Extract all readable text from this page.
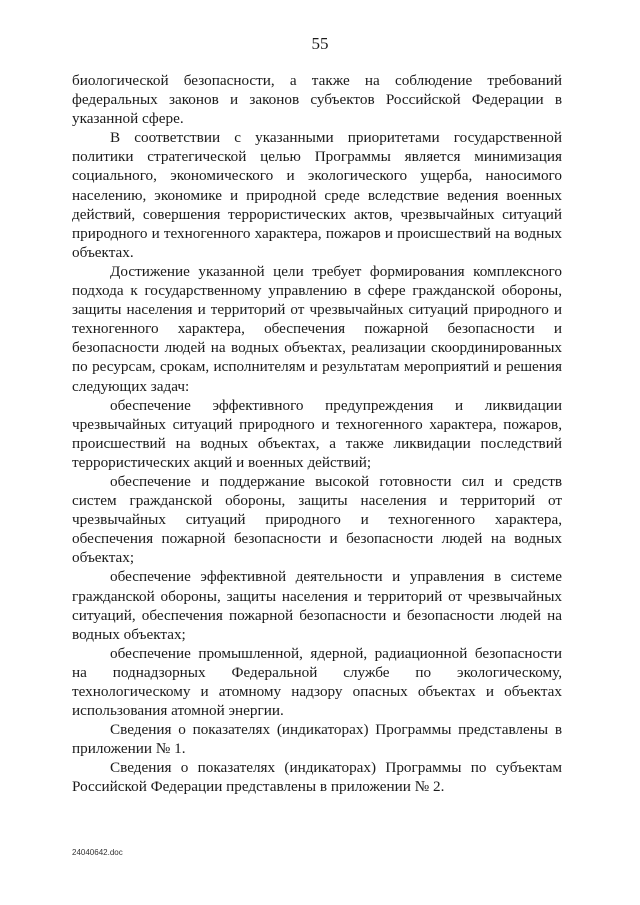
55

биологической безопасности, а также на соблюдение требований федеральных законов и законов субъектов Российской Федерации в указанной сфере.

В соответствии с указанными приоритетами государственной политики стратегической целью Программы является минимизация социального, экономического и экологического ущерба, наносимого населению, экономике и природной среде вследствие ведения военных действий, совершения террористических актов, чрезвычайных ситуаций природного и техногенного характера, пожаров и происшествий на водных объектах.

Достижение указанной цели требует формирования комплексного подхода к государственному управлению в сфере гражданской обороны, защиты населения и территорий от чрезвычайных ситуаций природного и техногенного характера, обеспечения пожарной безопасности и безопасности людей на водных объектах, реализации скоординированных по ресурсам, срокам, исполнителям и результатам мероприятий и решения следующих задач:

обеспечение эффективного предупреждения и ликвидации чрезвычайных ситуаций природного и техногенного характера, пожаров, происшествий на водных объектах, а также ликвидации последствий террористических акций и военных действий;

обеспечение и поддержание высокой готовности сил и средств систем гражданской обороны, защиты населения и территорий от чрезвычайных ситуаций природного и техногенного характера, обеспечения пожарной безопасности и безопасности людей на водных объектах;

обеспечение эффективной деятельности и управления в системе гражданской обороны, защиты населения и территорий от чрезвычайных ситуаций, обеспечения пожарной безопасности и безопасности людей на водных объектах;

обеспечение промышленной, ядерной, радиационной безопасности на поднадзорных Федеральной службе по экологическому, технологическому и атомному надзору опасных объектах и объектах использования атомной энергии.

Сведения о показателях (индикаторах) Программы представлены в приложении № 1.

Сведения о показателях (индикаторах) Программы по субъектам Российской Федерации представлены в приложении № 2.

24040642.doc
